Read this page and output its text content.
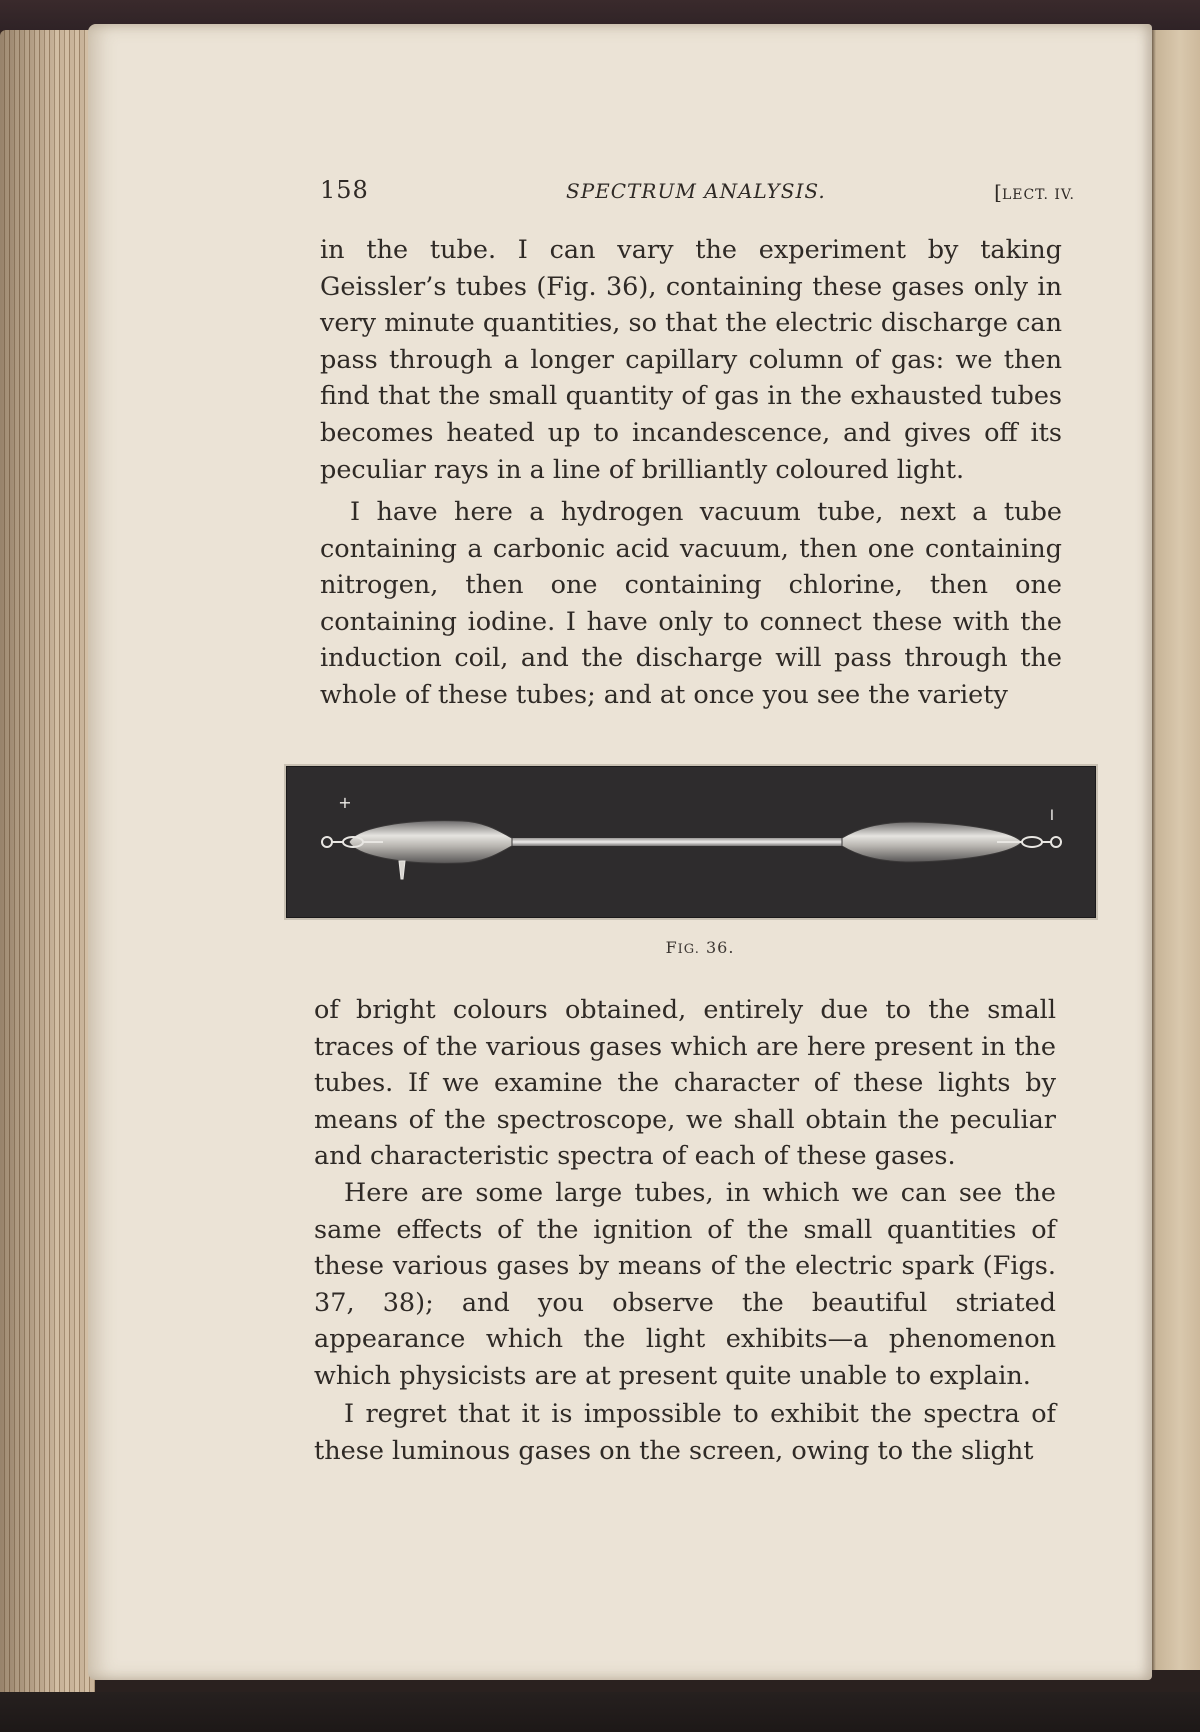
158	SPECTRUM ANALYSIS.	[LECT. IV.

in the tube. I can vary the experiment by taking Geissler’s tubes (Fig. 36), containing these gases only in very minute quantities, so that the electric discharge can pass through a longer capillary column of gas: we then find that the small quantity of gas in the exhausted tubes becomes heated up to incandescence, and gives off its peculiar rays in a line of brilliantly coloured light.

I have here a hydrogen vacuum tube, next a tube containing a carbonic acid vacuum, then one containing nitrogen, then one containing chlorine, then one containing iodine. I have only to connect these with the induction coil, and the discharge will pass through the whole of these tubes; and at once you see the variety

+
I
FIG. 36.

of bright colours obtained, entirely due to the small traces of the various gases which are here present in the tubes. If we examine the character of these lights by means of the spectroscope, we shall obtain the peculiar and characteristic spectra of each of these gases.

Here are some large tubes, in which we can see the same effects of the ignition of the small quantities of these various gases by means of the electric spark (Figs. 37, 38); and you observe the beautiful striated appearance which the light exhibits—a phenomenon which physicists are at present quite unable to explain.

I regret that it is impossible to exhibit the spectra of these luminous gases on the screen, owing to the slight
